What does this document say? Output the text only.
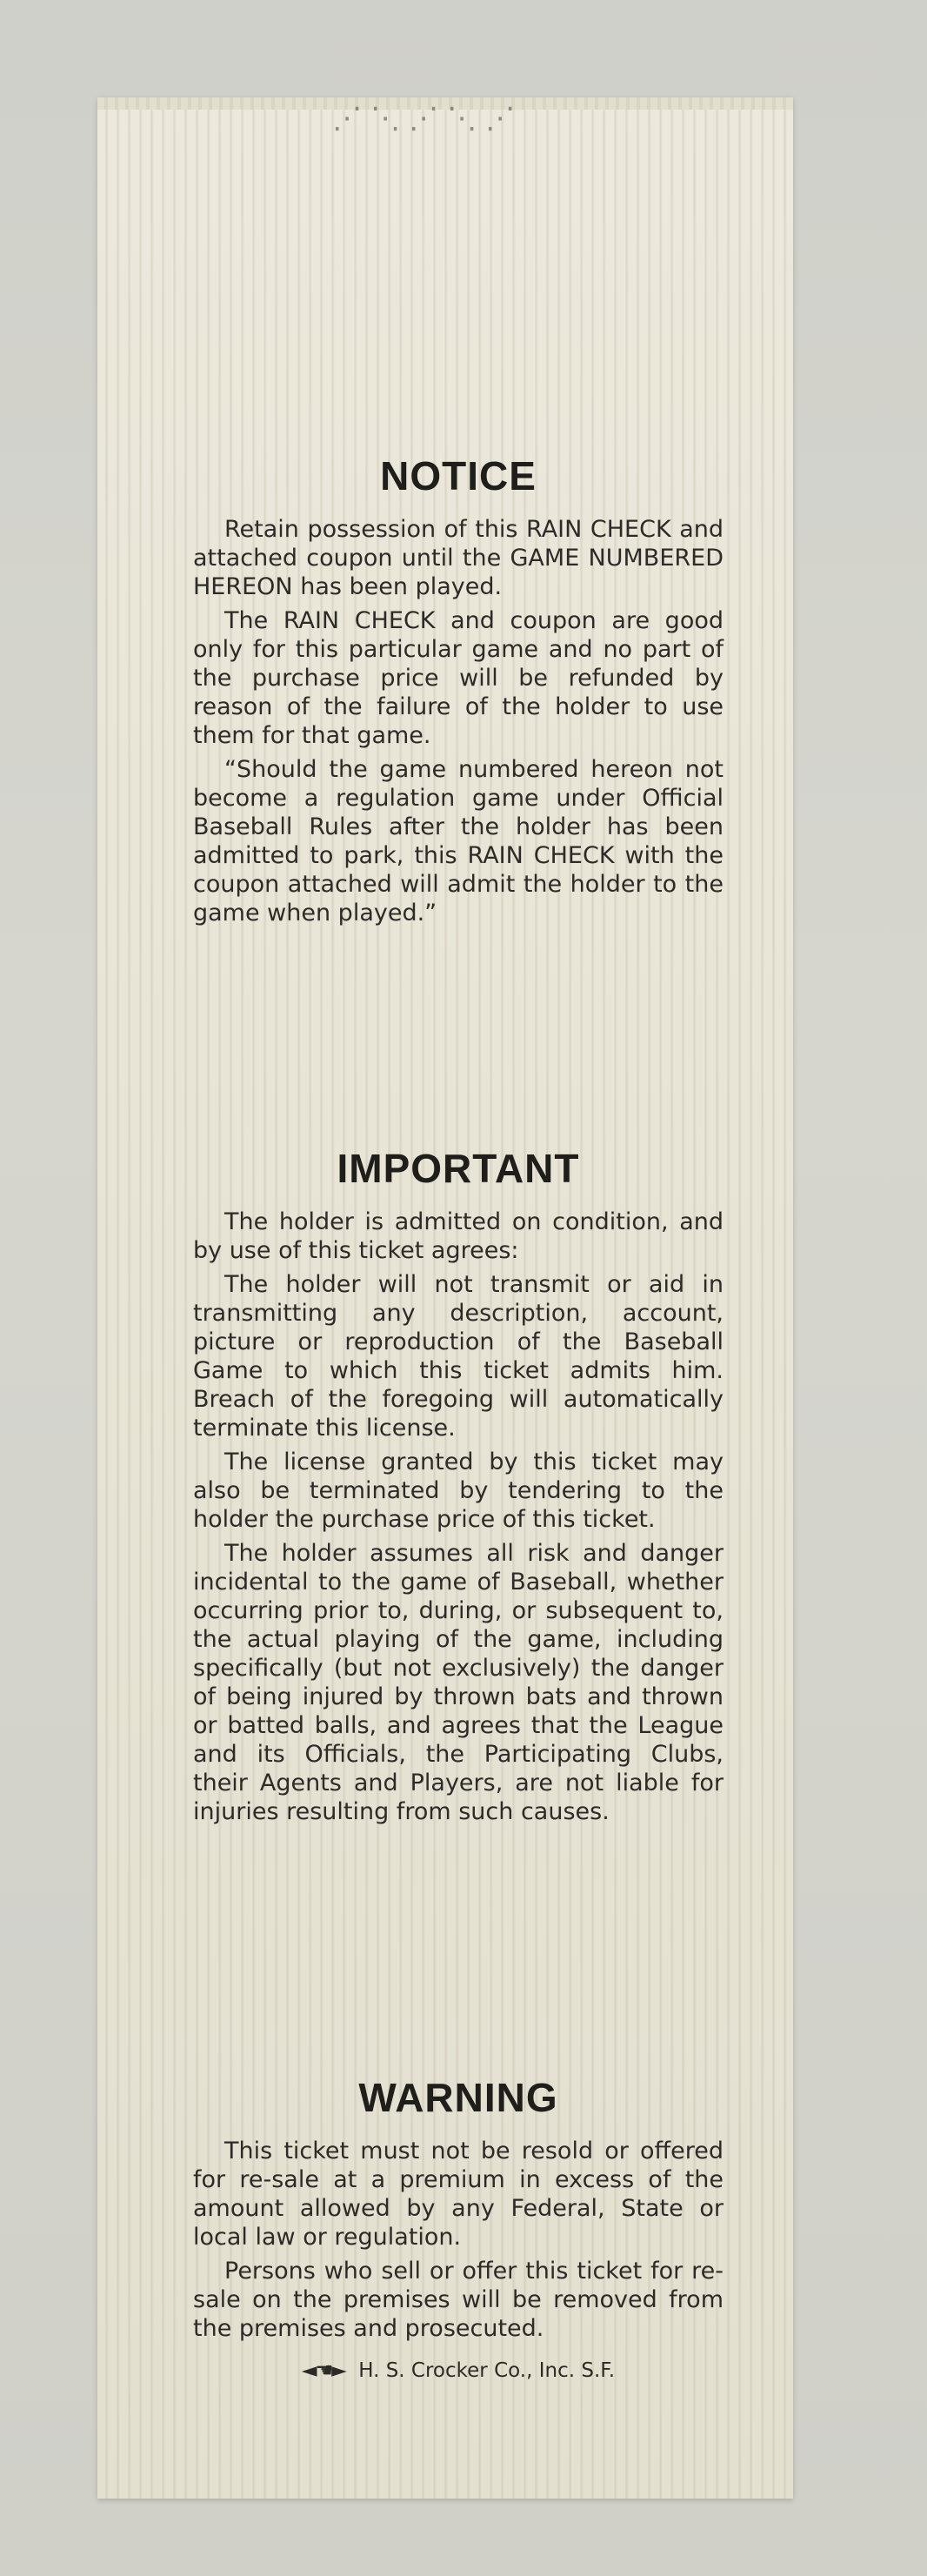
⋰⋱⋰⋱⋰
NOTICE

Retain possession of this RAIN CHECK and attached coupon until the GAME NUMBERED HEREON has been played.

The RAIN CHECK and coupon are good only for this particular game and no part of the purchase price will be refunded by reason of the failure of the holder to use them for that game.

“Should the game numbered hereon not become a regulation game under Official Baseball Rules after the holder has been admitted to park, this RAIN CHECK with the coupon attached will admit the holder to the game when played.”

IMPORTANT

The holder is admitted on condition, and by use of this ticket agrees:

The holder will not transmit or aid in transmitting any description, account, picture or reproduction of the Baseball Game to which this ticket admits him. Breach of the foregoing will automatically terminate this license.

The license granted by this ticket may also be terminated by tendering to the holder the purchase price of this ticket.

The holder assumes all risk and danger incidental to the game of Baseball, whether occurring prior to, during, or subsequent to, the actual playing of the game, including specifically (but not exclusively) the danger of being injured by thrown bats and thrown or batted balls, and agrees that the League and its Officials, the Participating Clubs, their Agents and Players, are not liable for injuries resulting from such causes.

WARNING

This ticket must not be resold or offered for re-sale at a premium in excess of the amount allowed by any Federal, State or local law or regulation.

Persons who sell or offer this ticket for re-sale on the premises will be removed from the premises and prosecuted.

◄☚► H. S. Crocker Co., Inc. S.F.
